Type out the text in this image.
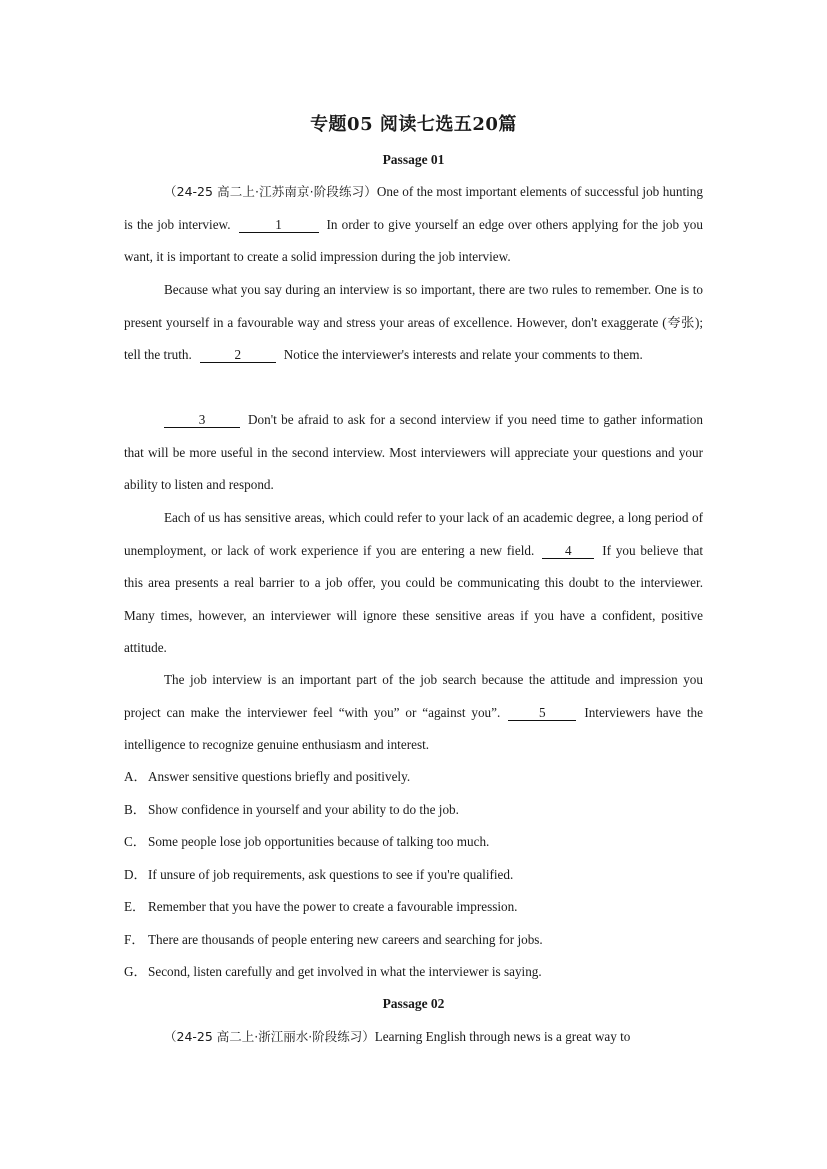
专题05 阅读七选五20篇
Passage 01
（24-25 高二上·江苏南京·阶段练习）One of the most important elements of successful job hunting is the job interview.	1	In order to give yourself an edge over others applying for the job you want, it is important to create a solid impression during the job interview.
Because what you say during an interview is so important, there are two rules to remember. One is to present yourself in a favourable way and stress your areas of excellence. However, don't exaggerate (夸张); tell the truth.	2	Notice the interviewer's interests and relate your comments to them.
3	Don't be afraid to ask for a second interview if you need time to gather information that will be more useful in the second interview. Most interviewers will appreciate your questions and your ability to listen and respond.
Each of us has sensitive areas, which could refer to your lack of an academic degree, a long period of unemployment, or lack of work experience if you are entering a new field. 4 If you believe that this area presents a real barrier to a job offer, you could be communicating this doubt to the interviewer. Many times, however, an interviewer will ignore these sensitive areas if you have a confident, positive attitude.
The job interview is an important part of the job search because the attitude and impression you project can make the interviewer feel “with you” or “against you”.	5	Interviewers have the intelligence to recognize genuine enthusiasm and interest.
A．Answer sensitive questions briefly and positively.
B． Show confidence in yourself and your ability to do the job.
C． Some people lose job opportunities because of talking too much.
D．If unsure of job requirements, ask questions to see if you're qualified.
E． Remember that you have the power to create a favourable impression.
F． There are thousands of people entering new careers and searching for jobs.
G．Second, listen carefully and get involved in what the interviewer is saying.
Passage 02
（24-25 高二上·浙江丽水·阶段练习）Learning English through news is a great way to
